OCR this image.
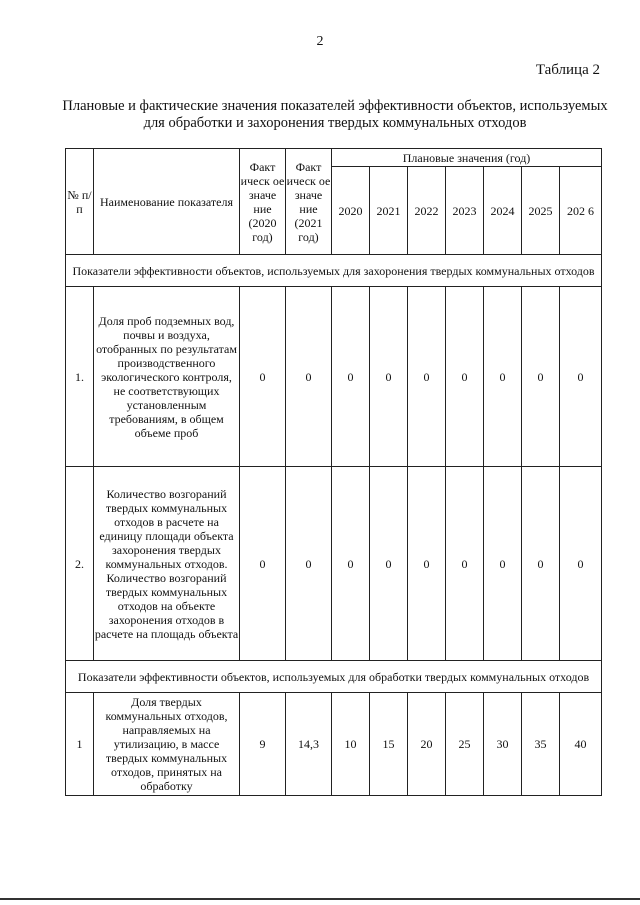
2
Таблица 2
Плановые и фактические значения показателей эффективности объектов, используемых для обработки и захоронения твердых коммунальных отходов
№ п/ п	Наименование показателя	Факт ическ ое значе ние (2020 год)	Факт ическ ое значе ние (2021 год)	Плановые значения (год)						
				2020	2021	2022	2023	2024	2025	202 6
Показатели эффективности объектов, используемых для захоронения твердых коммунальных отходов										
1.	Доля проб подземных вод, почвы и воздуха, отобранных по результатам производственного экологического контроля, не соответствующих установленным требованиям, в общем объеме проб	0	0	0	0	0	0	0	0	0
2.	Количество возгораний твердых коммунальных отходов в расчете на единицу площади объекта захоронения твердых коммунальных отходов. Количество возгораний твердых коммунальных отходов на объекте захоронения отходов в расчете на площадь объекта	0	0	0	0	0	0	0	0	0
Показатели эффективности объектов, используемых для обработки твердых коммунальных отходов										
1	Доля твердых коммунальных отходов, направляемых на утилизацию, в массе твердых коммунальных отходов, принятых на обработку	9	14,3	10	15	20	25	30	35	40
